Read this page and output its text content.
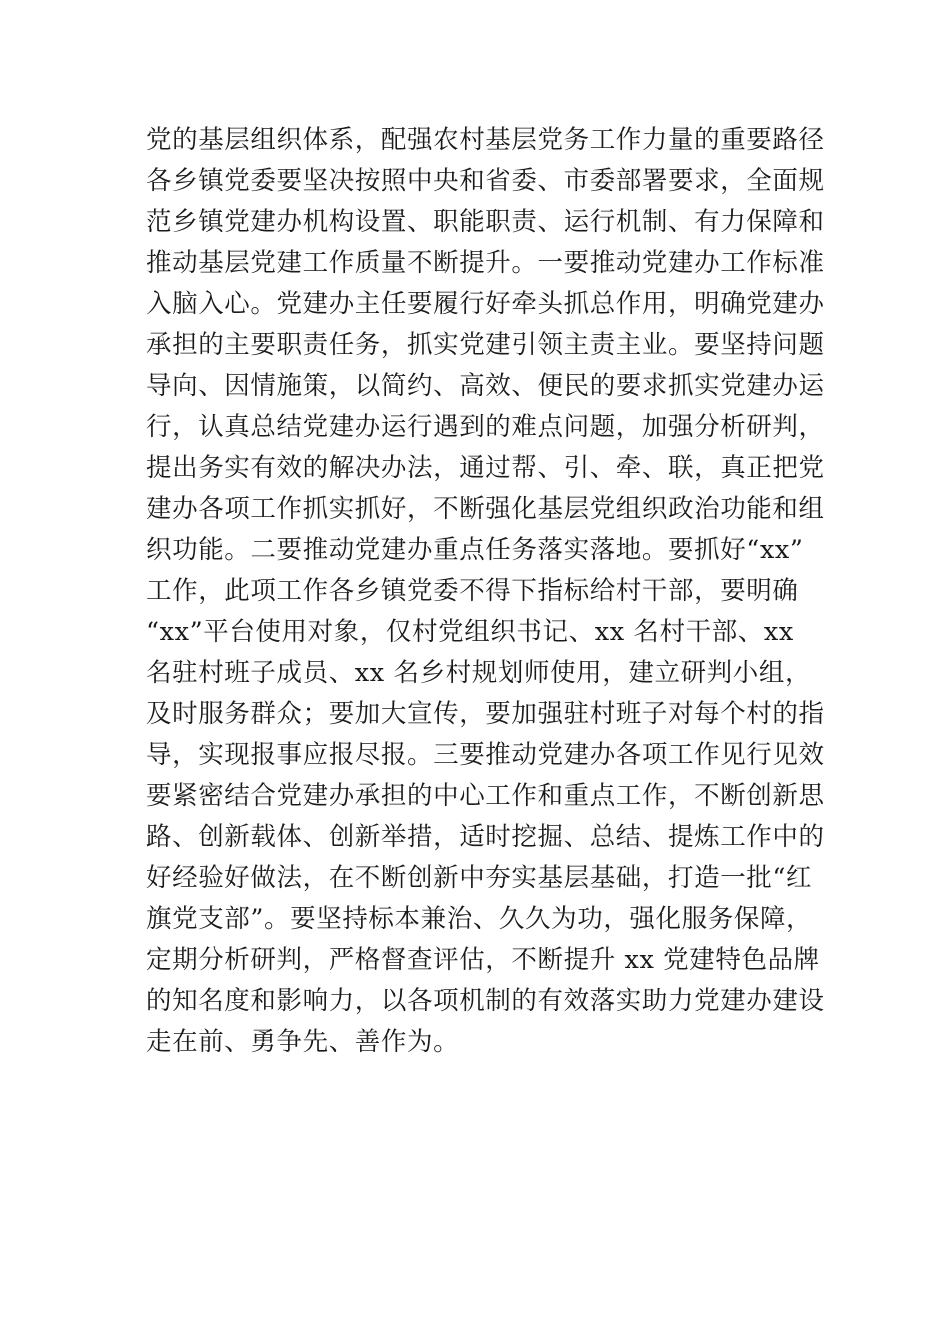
党的基层组织体系，配强农村基层党务工作力量的重要路径
各乡镇党委要坚决按照中央和省委、市委部署要求，全面规
范乡镇党建办机构设置、职能职责、运行机制、有力保障和
推动基层党建工作质量不断提升。一要推动党建办工作标准
入脑入心。党建办主任要履行好牵头抓总作用，明确党建办
承担的主要职责任务，抓实党建引领主责主业。要坚持问题
导向、因情施策，以简约、高效、便民的要求抓实党建办运
行，认真总结党建办运行遇到的难点问题，加强分析研判，
提出务实有效的解决办法，通过帮、引、牵、联，真正把党
建办各项工作抓实抓好，不断强化基层党组织政治功能和组
织功能。二要推动党建办重点任务落实落地。要抓好“xx”
工作，此项工作各乡镇党委不得下指标给村干部，要明确
“xx”平台使用对象，仅村党组织书记、xx 名村干部、xx
名驻村班子成员、xx 名乡村规划师使用，建立研判小组，
及时服务群众；要加大宣传，要加强驻村班子对每个村的指
导，实现报事应报尽报。三要推动党建办各项工作见行见效
要紧密结合党建办承担的中心工作和重点工作，不断创新思
路、创新载体、创新举措，适时挖掘、总结、提炼工作中的
好经验好做法，在不断创新中夯实基层基础，打造一批“红
旗党支部”。要坚持标本兼治、久久为功，强化服务保障，
定期分析研判，严格督查评估，不断提升 xx 党建特色品牌
的知名度和影响力，以各项机制的有效落实助力党建办建设
走在前、勇争先、善作为。
